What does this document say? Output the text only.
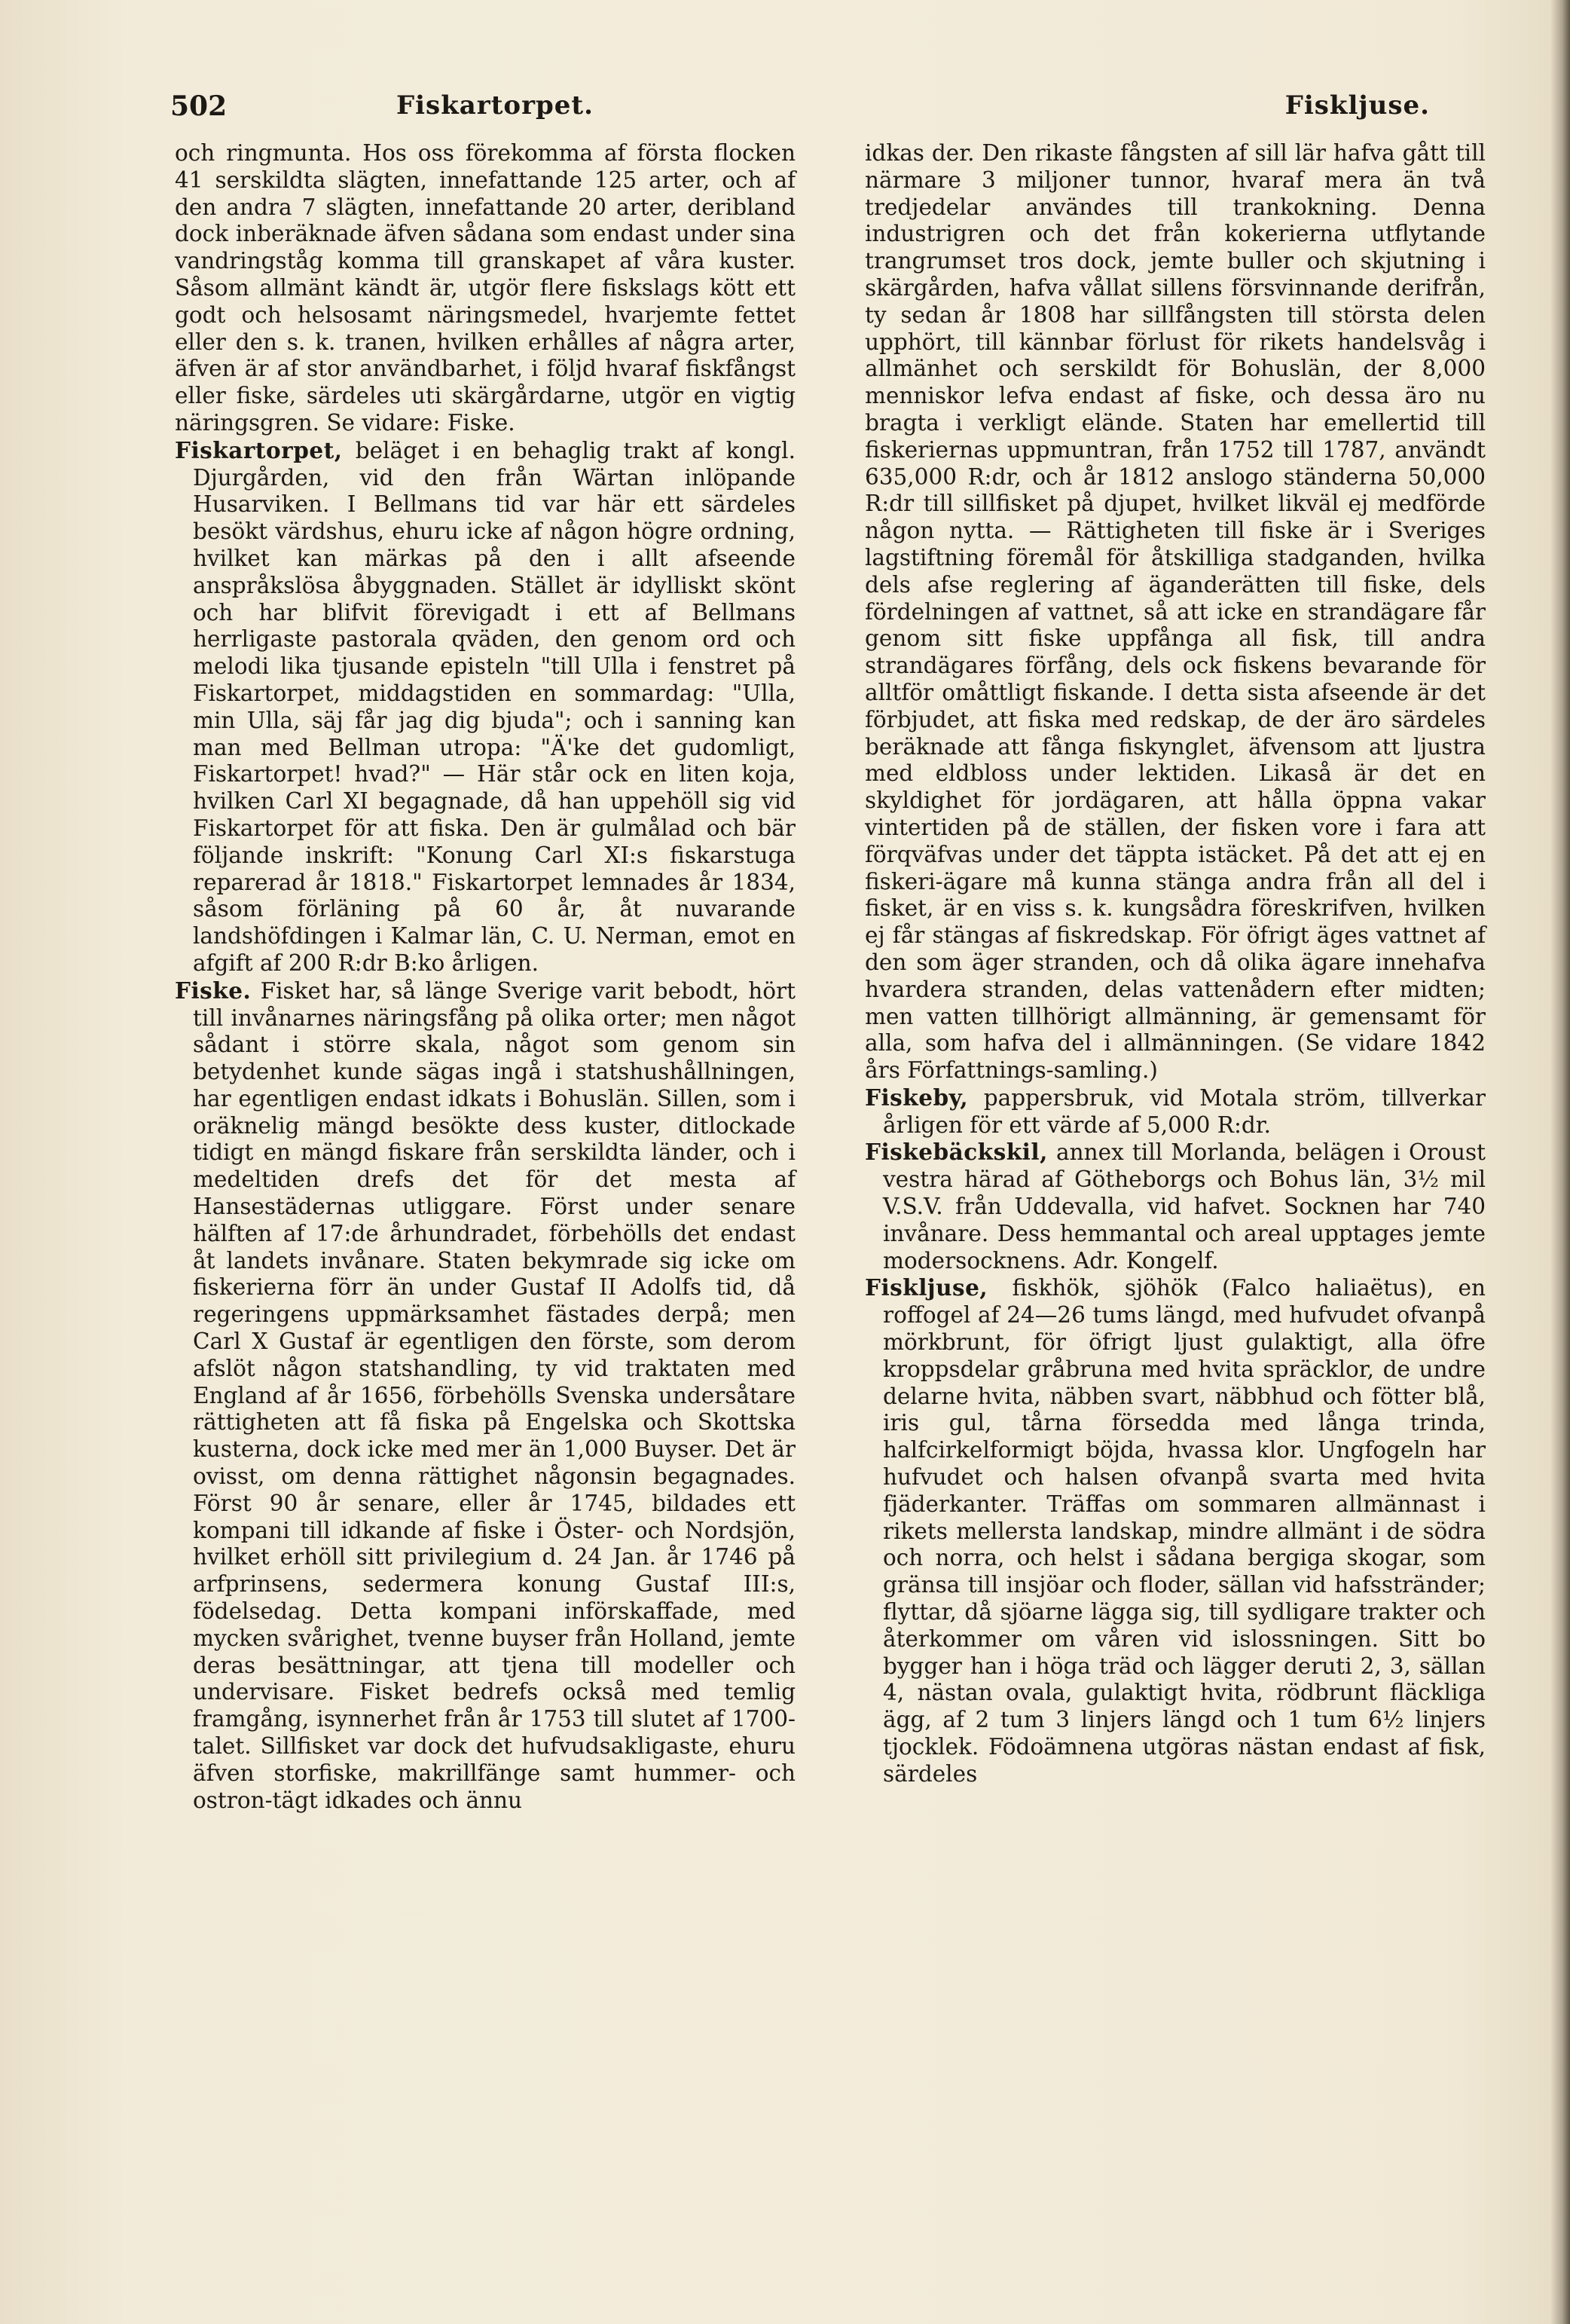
502	Fiskartorpet.	Fiskljuse.

och ringmunta. Hos oss förekomma af första flocken 41 serskildta slägten, innefattande 125 arter, och af den andra 7 slägten, innefattande 20 arter, deribland dock inberäknade äfven sådana som endast under sina vandringståg komma till granskapet af våra kuster. Såsom allmänt kändt är, utgör flere fiskslags kött ett godt och helsosamt näringsmedel, hvarjemte fettet eller den s. k. tranen, hvilken erhålles af några arter, äfven är af stor användbarhet, i följd hvaraf fiskfångst eller fiske, särdeles uti skärgårdarne, utgör en vigtig näringsgren. Se vidare: Fiske.

Fiskartorpet, beläget i en behaglig trakt af kongl. Djurgården, vid den från Wärtan inlöpande Husarviken. I Bellmans tid var här ett särdeles besökt värdshus, ehuru icke af någon högre ordning, hvilket kan märkas på den i allt afseende anspråkslösa åbyggnaden. Stället är idylliskt skönt och har blifvit förevigadt i ett af Bellmans herrligaste pastorala qväden, den genom ord och melodi lika tjusande episteln "till Ulla i fenstret på Fiskartorpet, middagstiden en sommardag: "Ulla, min Ulla, säj får jag dig bjuda"; och i sanning kan man med Bellman utropa: "Ä'ke det gudomligt, Fiskartorpet! hvad?" — Här står ock en liten koja, hvilken Carl XI begagnade, då han uppehöll sig vid Fiskartorpet för att fiska. Den är gulmålad och bär följande inskrift: "Konung Carl XI:s fiskarstuga reparerad år 1818." Fiskartorpet lemnades år 1834, såsom förläning på 60 år, åt nuvarande landshöfdingen i Kalmar län, C. U. Nerman, emot en afgift af 200 R:dr B:ko årligen.

Fiske. Fisket har, så länge Sverige varit bebodt, hört till invånarnes näringsfång på olika orter; men något sådant i större skala, något som genom sin betydenhet kunde sägas ingå i statshushållningen, har egentligen endast idkats i Bohuslän. Sillen, som i oräknelig mängd besökte dess kuster, ditlockade tidigt en mängd fiskare från serskildta länder, och i medeltiden drefs det för det mesta af Hansestädernas utliggare. Först under senare hälften af 17:de århundradet, förbehölls det endast åt landets invånare. Staten bekymrade sig icke om fiskerierna förr än under Gustaf II Adolfs tid, då regeringens uppmärksamhet fästades derpå; men Carl X Gustaf är egentligen den förste, som derom afslöt någon statshandling, ty vid traktaten med England af år 1656, förbehölls Svenska undersåtare rättigheten att få fiska på Engelska och Skottska kusterna, dock icke med mer än 1,000 Buyser. Det är ovisst, om denna rättighet någonsin begagnades. Först 90 år senare, eller år 1745, bildades ett kompani till idkande af fiske i Öster- och Nordsjön, hvilket erhöll sitt privilegium d. 24 Jan. år 1746 på arfprinsens, sedermera konung Gustaf III:s, födelsedag. Detta kompani införskaffade, med mycken svårighet, tvenne buyser från Holland, jemte deras besättningar, att tjena till modeller och undervisare. Fisket bedrefs också med temlig framgång, isynnerhet från år 1753 till slutet af 1700-talet. Sillfisket var dock det hufvudsakligaste, ehuru äfven storfiske, makrillfänge samt hummer- och ostron-tägt idkades och ännu

idkas der. Den rikaste fångsten af sill lär hafva gått till närmare 3 miljoner tunnor, hvaraf mera än två tredjedelar användes till trankokning. Denna industrigren och det från kokerierna utflytande trangrumset tros dock, jemte buller och skjutning i skärgården, hafva vållat sillens försvinnande derifrån, ty sedan år 1808 har sillfångsten till största delen upphört, till kännbar förlust för rikets handelsvåg i allmänhet och serskildt för Bohuslän, der 8,000 menniskor lefva endast af fiske, och dessa äro nu bragta i verkligt elände. Staten har emellertid till fiskeriernas uppmuntran, från 1752 till 1787, användt 635,000 R:dr, och år 1812 anslogo ständerna 50,000 R:dr till sillfisket på djupet, hvilket likväl ej medförde någon nytta. — Rättigheten till fiske är i Sveriges lagstiftning föremål för åtskilliga stadganden, hvilka dels afse reglering af äganderätten till fiske, dels fördelningen af vattnet, så att icke en strandägare får genom sitt fiske uppfånga all fisk, till andra strandägares förfång, dels ock fiskens bevarande för alltför omåttligt fiskande. I detta sista afseende är det förbjudet, att fiska med redskap, de der äro särdeles beräknade att fånga fiskynglet, äfvensom att ljustra med eldbloss under lektiden. Likaså är det en skyldighet för jordägaren, att hålla öppna vakar vintertiden på de ställen, der fisken vore i fara att förqväfvas under det täppta istäcket. På det att ej en fiskeri-ägare må kunna stänga andra från all del i fisket, är en viss s. k. kungsådra föreskrifven, hvilken ej får stängas af fiskredskap. För öfrigt äges vattnet af den som äger stranden, och då olika ägare innehafva hvardera stranden, delas vattenådern efter midten; men vatten tillhörigt allmänning, är gemensamt för alla, som hafva del i allmänningen. (Se vidare 1842 års Författnings-samling.)

Fiskeby, pappersbruk, vid Motala ström, tillverkar årligen för ett värde af 5,000 R:dr.

Fiskebäckskil, annex till Morlanda, belägen i Oroust vestra härad af Götheborgs och Bohus län, 3½ mil V.S.V. från Uddevalla, vid hafvet. Socknen har 740 invånare. Dess hemmantal och areal upptages jemte modersocknens. Adr. Kongelf.

Fiskljuse, fiskhök, sjöhök (Falco haliaëtus), en roffogel af 24—26 tums längd, med hufvudet ofvanpå mörkbrunt, för öfrigt ljust gulaktigt, alla öfre kroppsdelar gråbruna med hvita spräcklor, de undre delarne hvita, näbben svart, näbbhud och fötter blå, iris gul, tårna försedda med långa trinda, halfcirkelformigt böjda, hvassa klor. Ungfogeln har hufvudet och halsen ofvanpå svarta med hvita fjäderkanter. Träffas om sommaren allmännast i rikets mellersta landskap, mindre allmänt i de södra och norra, och helst i sådana bergiga skogar, som gränsa till insjöar och floder, sällan vid hafsstränder; flyttar, då sjöarne lägga sig, till sydligare trakter och återkommer om våren vid islossningen. Sitt bo bygger han i höga träd och lägger deruti 2, 3, sällan 4, nästan ovala, gulaktigt hvita, rödbrunt fläckliga ägg, af 2 tum 3 linjers längd och 1 tum 6½ linjers tjocklek. Födoämnena utgöras nästan endast af fisk, särdeles
